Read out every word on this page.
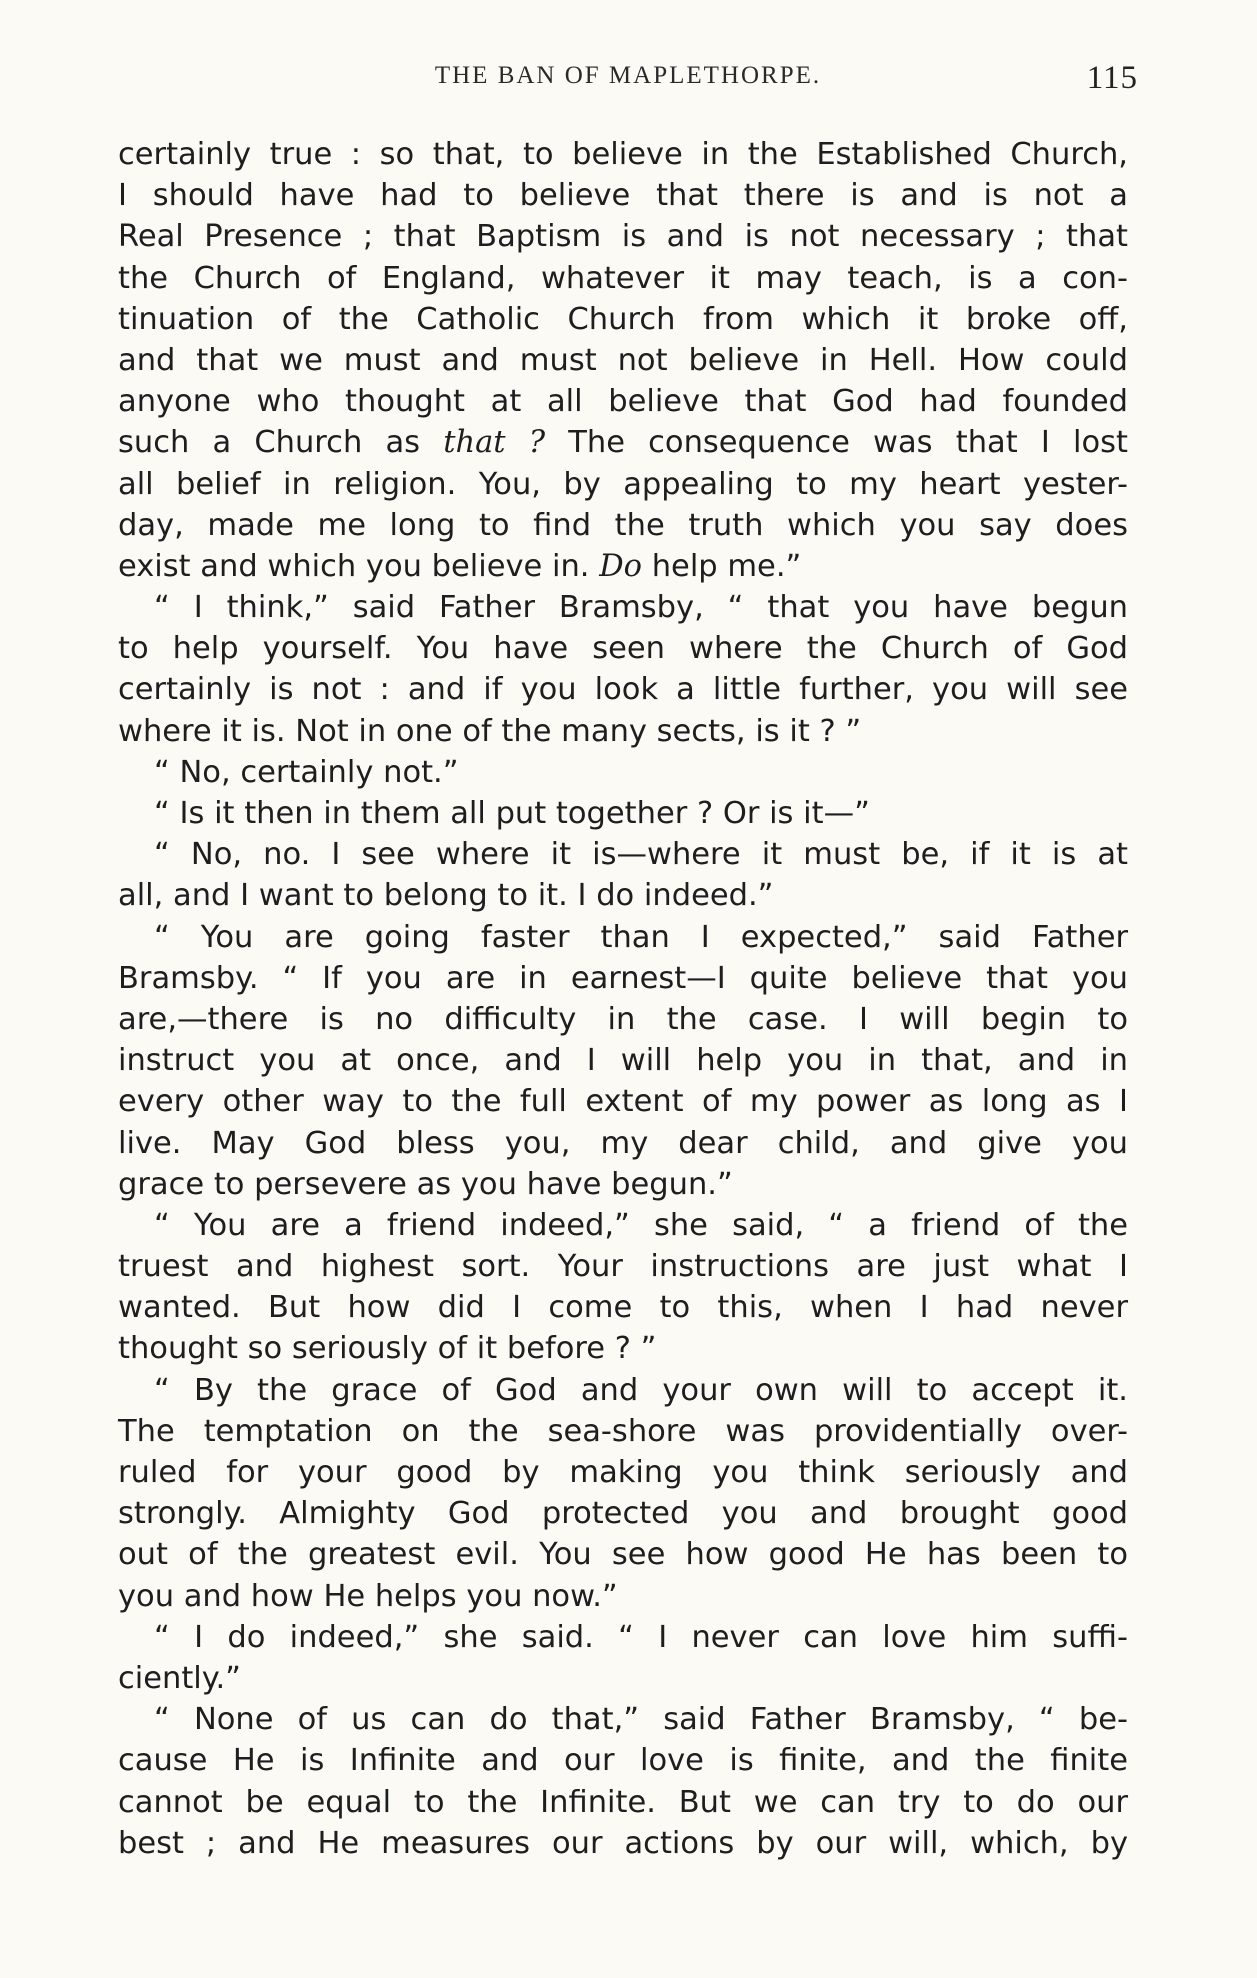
THE BAN OF MAPLETHORPE.	115
certainly true : so that, to believe in the Established Church,
I should have had to believe that there is and is not a
Real Presence ; that Baptism is and is not necessary ; that
the Church of England, whatever it may teach, is a con-
tinuation of the Catholic Church from which it broke off,
and that we must and must not believe in Hell. How could
anyone who thought at all believe that God had founded
such a Church as that ? The consequence was that I lost
all belief in religion. You, by appealing to my heart yester-
day, made me long to find the truth which you say does
exist and which you believe in. Do help me.”
“ I think,” said Father Bramsby, “ that you have begun
to help yourself. You have seen where the Church of God
certainly is not : and if you look a little further, you will see
where it is. Not in one of the many sects, is it ? ”
“ No, certainly not.”
“ Is it then in them all put together ? Or is it—”
“ No, no. I see where it is—where it must be, if it is at
all, and I want to belong to it. I do indeed.”
“ You are going faster than I expected,” said Father
Bramsby. “ If you are in earnest—I quite believe that you
are,—there is no difficulty in the case. I will begin to
instruct you at once, and I will help you in that, and in
every other way to the full extent of my power as long as I
live. May God bless you, my dear child, and give you
grace to persevere as you have begun.”
“ You are a friend indeed,” she said, “ a friend of the
truest and highest sort. Your instructions are just what I
wanted. But how did I come to this, when I had never
thought so seriously of it before ? ”
“ By the grace of God and your own will to accept it.
The temptation on the sea-shore was providentially over-
ruled for your good by making you think seriously and
strongly. Almighty God protected you and brought good
out of the greatest evil. You see how good He has been to
you and how He helps you now.”
“ I do indeed,” she said. “ I never can love him suffi-
ciently.”
“ None of us can do that,” said Father Bramsby, “ be-
cause He is Infinite and our love is finite, and the finite
cannot be equal to the Infinite. But we can try to do our
best ; and He measures our actions by our will, which, by
